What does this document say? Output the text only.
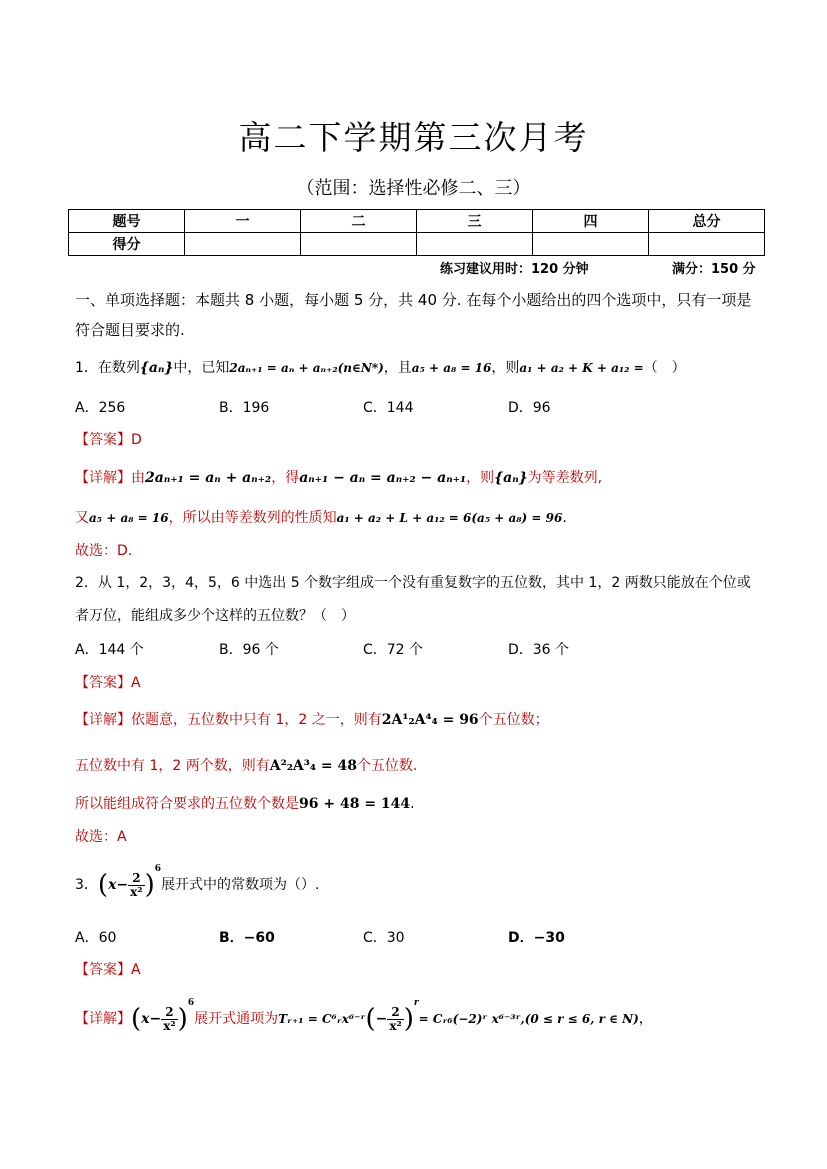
高二下学期第三次月考
（范围：选择性必修二、三）
题号	一	二	三	四	总分
得分					
练习建议用时：120 分钟	满分：150 分
一、单项选择题：本题共 8 小题，每小题 5 分，共 40 分. 在每个小题给出的四个选项中，只有一项是符合题目要求的.
1．在数列{aₙ}中，已知2aₙ₊₁ = aₙ + aₙ₊₂(n∈N*)，且a₅ + a₈ = 16，则a₁ + a₂ + K + a₁₂ =（　）
A．256	B．196	C．144	D．96
【答案】D
【详解】由2aₙ₊₁ = aₙ + aₙ₊₂，得aₙ₊₁ − aₙ = aₙ₊₂ − aₙ₊₁，则{aₙ}为等差数列,
又a₅ + a₈ = 16，所以由等差数列的性质知a₁ + a₂ + L + a₁₂ = 6(a₅ + a₈) = 96.
故选：D.
2．从 1，2，3，4，5，6 中选出 5 个数字组成一个没有重复数字的五位数，其中 1，2 两数只能放在个位或
者万位，能组成多少个这样的五位数？（　）
A．144 个	B．96 个	C．72 个	D．36 个
【答案】A
【详解】依题意，五位数中只有 1，2 之一，则有2A¹₂A⁴₄ = 96个五位数；
五位数中有 1，2 两个数，则有A²₂A³₄ = 48个五位数.
所以能组成符合要求的五位数个数是96 + 48 = 144.
故选：A
3．$(x- \frac{2}{\text{x²}} )^6$展开式中的常数项为（）.
A．60	B．−60	C．30	D．−30
【答案】A
【详解】$(x- \frac{2}{\text{x²}} )^6$展开式通项为Tᵣ₊₁ = C⁶ᵣx⁶⁻ʳ(− $\frac{2}{\text{x²}} )^r=$ Cᵣ₆(−2)ʳ x⁶⁻³ʳ,(0 ≤ r ≤ 6, r ∈ N)，
